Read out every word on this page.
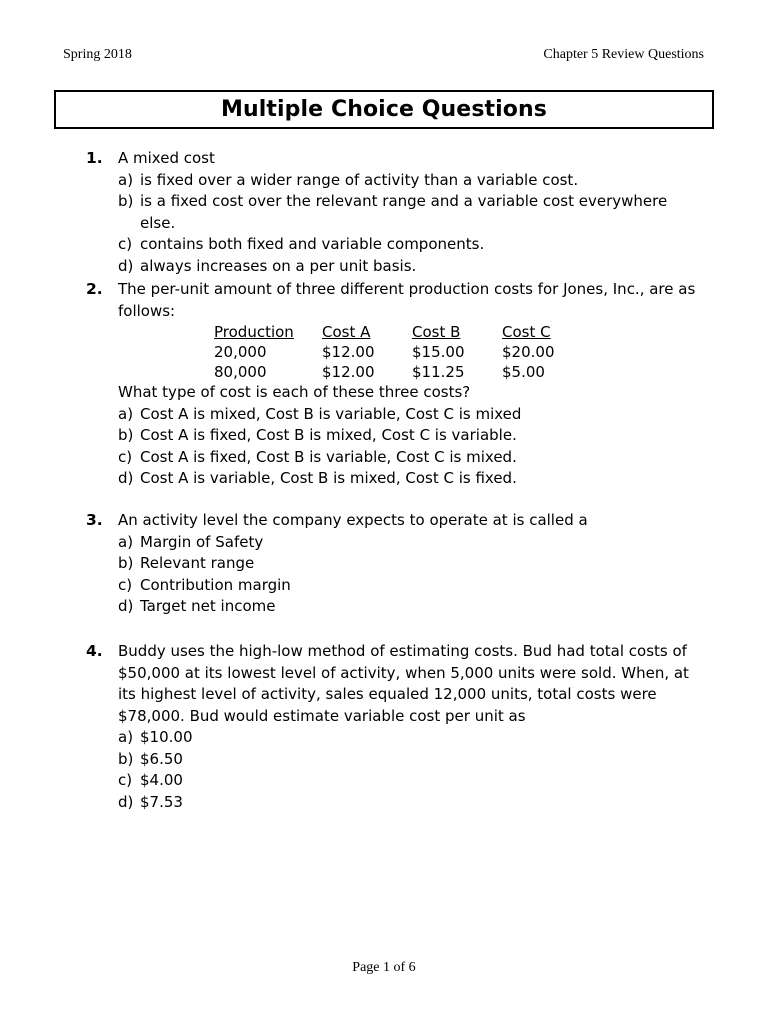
Spring 2018	Chapter 5 Review Questions
Multiple Choice Questions
1. A mixed cost
a) is fixed over a wider range of activity than a variable cost.
b) is a fixed cost over the relevant range and a variable cost everywhere else.
c) contains both fixed and variable components.
d) always increases on a per unit basis.
2. The per-unit amount of three different production costs for Jones, Inc., are as follows:
Production	Cost A	Cost B	Cost C
20,000	$12.00	$15.00	$20.00
80,000	$12.00	$11.25	$5.00
What type of cost is each of these three costs?
a) Cost A is mixed, Cost B is variable, Cost C is mixed
b) Cost A is fixed, Cost B is mixed, Cost C is variable.
c) Cost A is fixed, Cost B is variable, Cost C is mixed.
d) Cost A is variable, Cost B is mixed, Cost C is fixed.
3. An activity level the company expects to operate at is called a
a) Margin of Safety
b) Relevant range
c) Contribution margin
d) Target net income
4. Buddy uses the high-low method of estimating costs. Bud had total costs of $50,000 at its lowest level of activity, when 5,000 units were sold. When, at its highest level of activity, sales equaled 12,000 units, total costs were $78,000. Bud would estimate variable cost per unit as
a) $10.00
b) $6.50
c) $4.00
d) $7.53
Page 1 of 6
